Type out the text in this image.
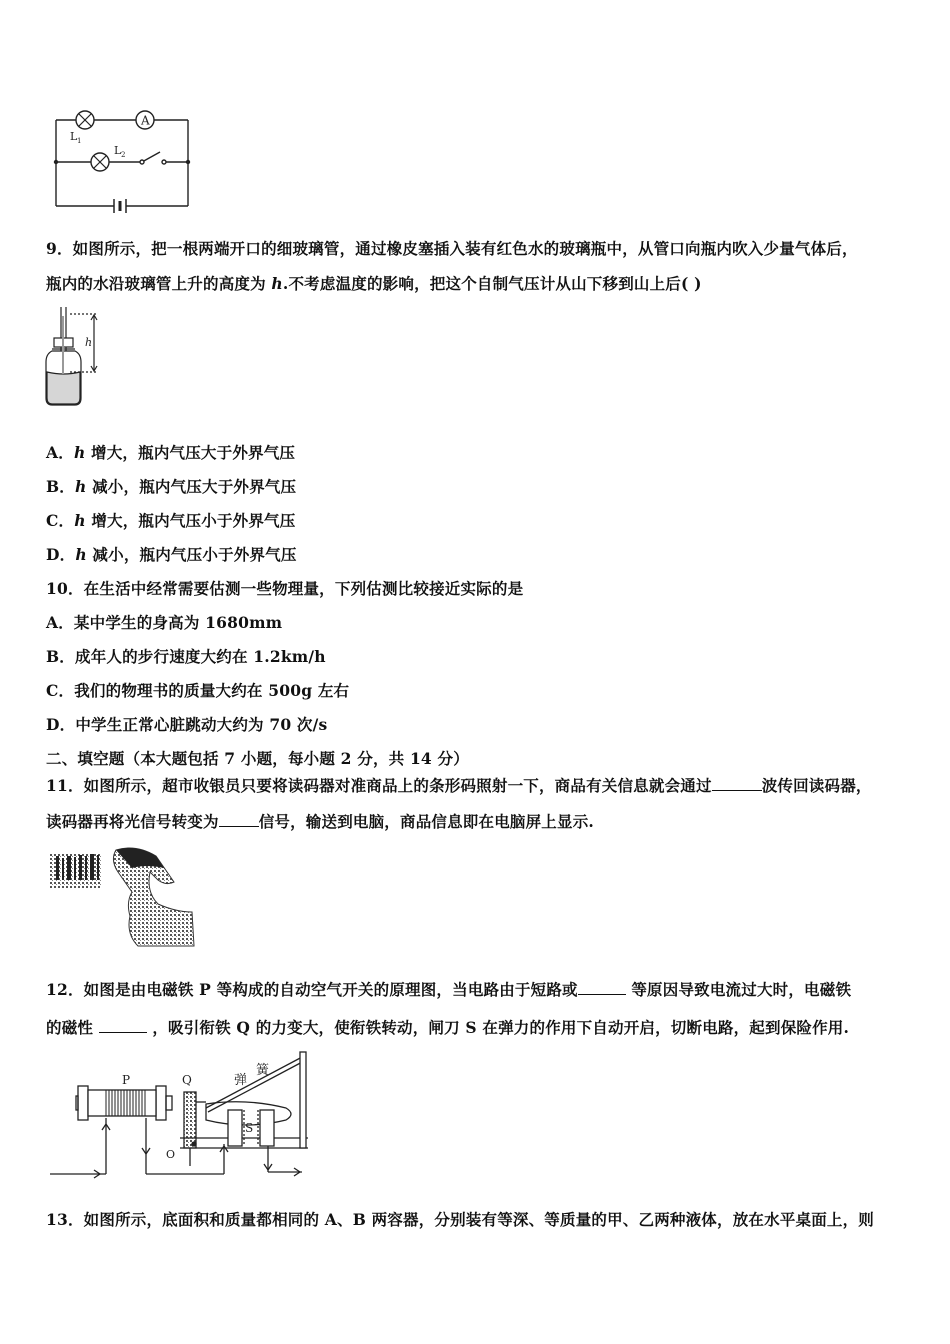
A
L 1
L 2
9．如图所示，把一根两端开口的细玻璃管，通过橡皮塞插入装有红色水的玻璃瓶中，从管口向瓶内吹入少量气体后，
瓶内的水沿玻璃管上升的高度为 h.不考虑温度的影响，把这个自制气压计从山下移到山上后( )
h
A．h 增大，瓶内气压大于外界气压
B．h 减小，瓶内气压大于外界气压
C．h 增大，瓶内气压小于外界气压
D．h 减小，瓶内气压小于外界气压
10．在生活中经常需要估测一些物理量，下列估测比较接近实际的是
A．某中学生的身高为 1680mm
B．成年人的步行速度大约在 1.2km/h
C．我们的物理书的质量大约在 500g 左右
D．中学生正常心脏跳动大约为 70 次/s
二、填空题（本大题包括 7 小题，每小题 2 分，共 14 分）
11．如图所示，超市收银员只要将读码器对准商品上的条形码照射一下，商品有关信息就会通过	波传回读码器，
读码器再将光信号转变为	信号，输送到电脑，商品信息即在电脑屏上显示.
12．如图是由电磁铁 P 等构成的自动空气开关的原理图，当电路由于短路或	等原因导致电流过大时，电磁铁
的磁性	，吸引衔铁 Q 的力变大，使衔铁转动，闸刀 S 在弹力的作用下自动开启，切断电路，起到保险作用.
P	Q
S
O
弹
簧
13．如图所示，底面积和质量都相同的 A、B 两容器，分别装有等深、等质量的甲、乙两种液体，放在水平桌面上，则
